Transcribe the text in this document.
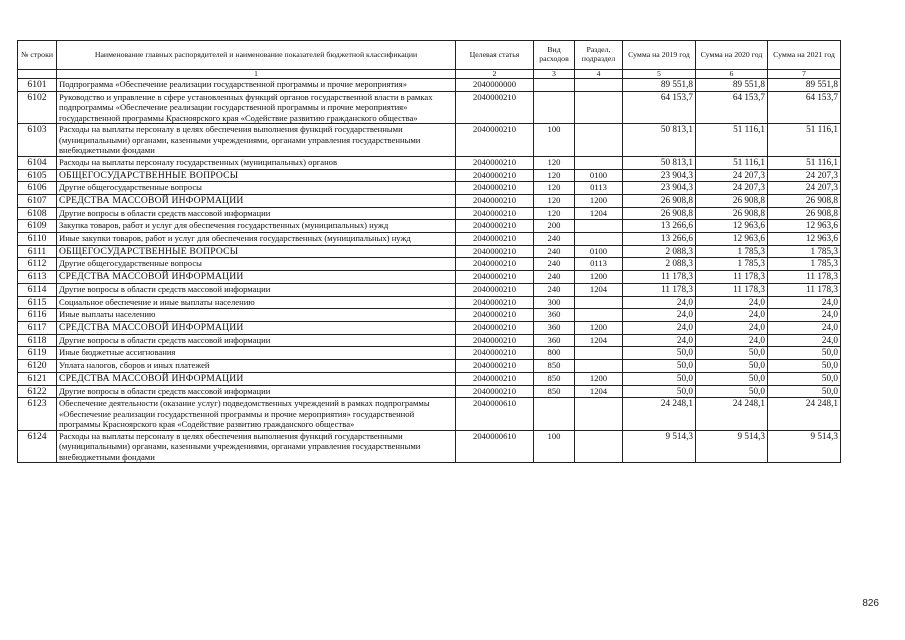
№ строки	Наименование главных распорядителей и наименование показателей бюджетной классификации	Целевая статья	Вид расходов	Раздел, подраздел	Сумма на 2019 год	Сумма на 2020 год	Сумма на 2021 год
	1	2	3	4	5	6	7
6101	Подпрограмма «Обеспечение реализации государственной программы и прочие мероприятия»	2040000000			89 551,8	89 551,8	89 551,8
6102	Руководство и управление в сфере установленных функций органов государственной власти в рамках подпрограммы «Обеспечение реализации государственной программы и прочие мероприятия» государственной программы Красноярского края «Содействие развитию гражданского общества»	2040000210			64 153,7	64 153,7	64 153,7
6103	Расходы на выплаты персоналу в целях обеспечения выполнения функций государственными (муниципальными) органами, казенными учреждениями, органами управления государственными внебюджетными фондами	2040000210	100		50 813,1	51 116,1	51 116,1
6104	Расходы на выплаты персоналу государственных (муниципальных) органов	2040000210	120		50 813,1	51 116,1	51 116,1
6105	ОБЩЕГОСУДАРСТВЕННЫЕ ВОПРОСЫ	2040000210	120	0100	23 904,3	24 207,3	24 207,3
6106	Другие общегосударственные вопросы	2040000210	120	0113	23 904,3	24 207,3	24 207,3
6107	СРЕДСТВА МАССОВОЙ ИНФОРМАЦИИ	2040000210	120	1200	26 908,8	26 908,8	26 908,8
6108	Другие вопросы в области средств массовой информации	2040000210	120	1204	26 908,8	26 908,8	26 908,8
6109	Закупка товаров, работ и услуг для обеспечения государственных (муниципальных) нужд	2040000210	200		13 266,6	12 963,6	12 963,6
6110	Иные закупки товаров, работ и услуг для обеспечения государственных (муниципальных) нужд	2040000210	240		13 266,6	12 963,6	12 963,6
6111	ОБЩЕГОСУДАРСТВЕННЫЕ ВОПРОСЫ	2040000210	240	0100	2 088,3	1 785,3	1 785,3
6112	Другие общегосударственные вопросы	2040000210	240	0113	2 088,3	1 785,3	1 785,3
6113	СРЕДСТВА МАССОВОЙ ИНФОРМАЦИИ	2040000210	240	1200	11 178,3	11 178,3	11 178,3
6114	Другие вопросы в области средств массовой информации	2040000210	240	1204	11 178,3	11 178,3	11 178,3
6115	Социальное обеспечение и иные выплаты населению	2040000210	300		24,0	24,0	24,0
6116	Иные выплаты населению	2040000210	360		24,0	24,0	24,0
6117	СРЕДСТВА МАССОВОЙ ИНФОРМАЦИИ	2040000210	360	1200	24,0	24,0	24,0
6118	Другие вопросы в области средств массовой информации	2040000210	360	1204	24,0	24,0	24,0
6119	Иные бюджетные ассигнования	2040000210	800		50,0	50,0	50,0
6120	Уплата налогов, сборов и иных платежей	2040000210	850		50,0	50,0	50,0
6121	СРЕДСТВА МАССОВОЙ ИНФОРМАЦИИ	2040000210	850	1200	50,0	50,0	50,0
6122	Другие вопросы в области средств массовой информации	2040000210	850	1204	50,0	50,0	50,0
6123	Обеспечение деятельности (оказание услуг) подведомственных учреждений в рамках подпрограммы «Обеспечение реализации государственной программы и прочие мероприятия» государственной программы Красноярского края «Содействие развитию гражданского общества»	2040000610			24 248,1	24 248,1	24 248,1
6124	Расходы на выплаты персоналу в целях обеспечения выполнения функций государственными (муниципальными) органами, казенными учреждениями, органами управления государственными внебюджетными фондами	2040000610	100		9 514,3	9 514,3	9 514,3
826
